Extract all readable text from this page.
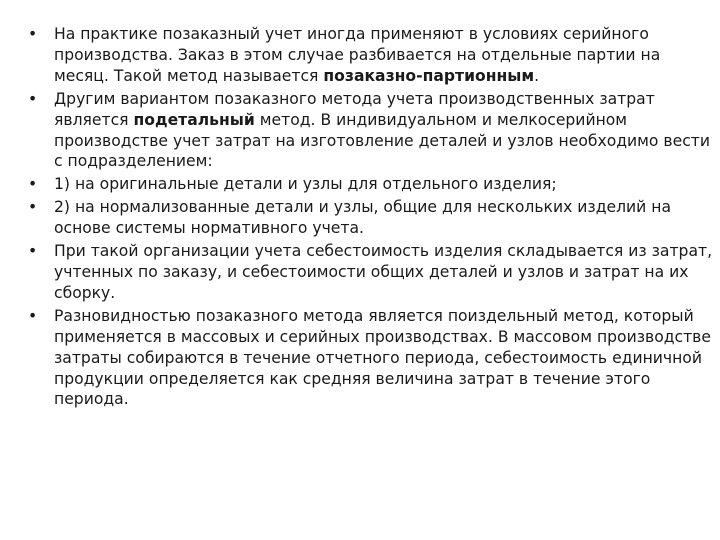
• На практике позаказный учет иногда применяют в условиях серийного производства. Заказ в этом случае разбивается на отдельные партии на месяц. Такой метод называется позаказно-партионным.
• Другим вариантом позаказного метода учета производственных затрат является подетальный метод. В индивидуальном и мелкосерийном производстве учет затрат на изготовление деталей и узлов необходимо вести с подразделением:
• 1) на оригинальные детали и узлы для отдельного изделия;
• 2) на нормализованные детали и узлы, общие для нескольких изделий на основе системы нормативного учета.
• При такой организации учета себестоимость изделия складывается из затрат, учтенных по заказу, и себестоимости общих деталей и узлов и затрат на их сборку.
• Разновидностью позаказного метода является поиздельный метод, который применяется в массовых и серийных производствах. В массовом производстве затраты собираются в течение отчетного периода, себестоимость единичной продукции определяется как средняя величина затрат в течение этого периода.
